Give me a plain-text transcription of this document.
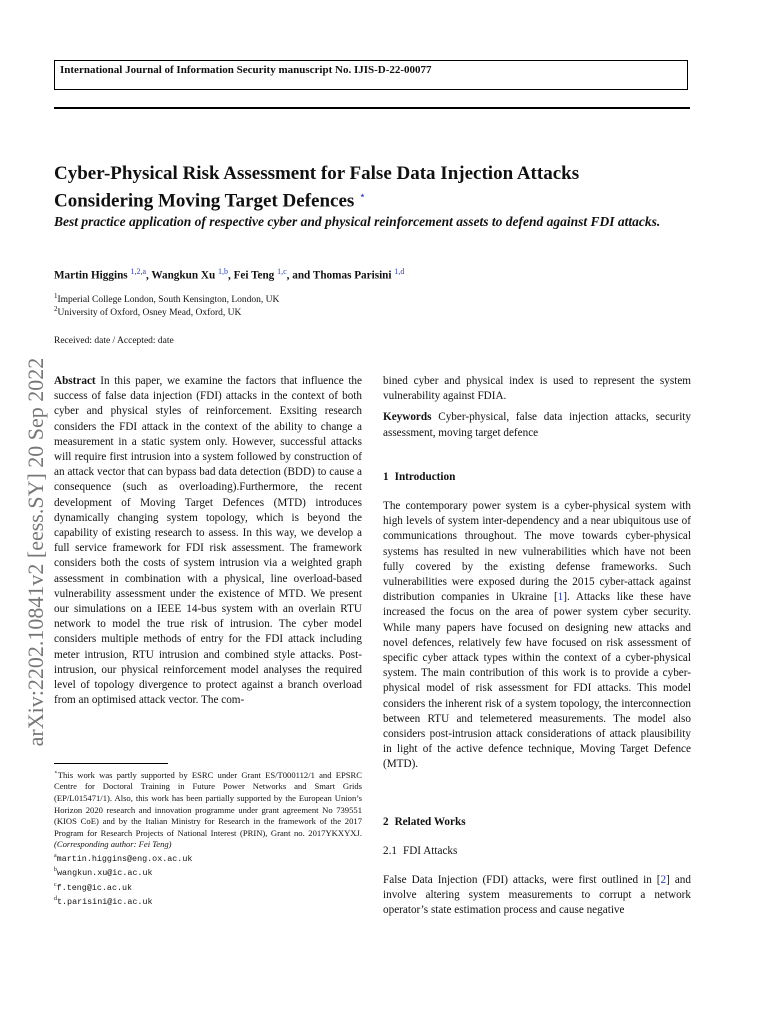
International Journal of Information Security manuscript No. IJIS-D-22-00077
arXiv:2202.10841v2 [eess.SY] 20 Sep 2022
Cyber-Physical Risk Assessment for False Data Injection Attacks
Considering Moving Target Defences ⋆
Best practice application of respective cyber and physical reinforcement assets to defend against FDI attacks.
Martin Higgins $^{1,2,a}$, Wangkun Xu $^{1,b}$, Fei Teng $^{1,c}$, and Thomas Parisini $^{1,d}$
$^1$Imperial College London, South Kensington, London, UK
$^2$University of Oxford, Osney Mead, Oxford, UK
Received: date / Accepted: date
Abstract In this paper, we examine the factors that influence the success of false data injection (FDI) attacks in the context of both cyber and physical styles of reinforcement. Exsiting research considers the FDI attack in the context of the ability to change a measurement in a static system only. However, successful attacks will require first intrusion into a system followed by construction of an attack vector that can bypass bad data detection (BDD) to cause a consequence (such as overloading).Furthermore, the recent development of Moving Target Defences (MTD) introduces dynamically changing system topology, which is beyond the capability of existing research to assess. In this way, we develop a full service framework for FDI risk assessment. The framework considers both the costs of system intrusion via a weighted graph assessment in combination with a physical, line overload-based vulnerability assessment under the existence of MTD. We present our simulations on a IEEE 14-bus system with an overlain RTU network to model the true risk of intrusion. The cyber model considers multiple methods of entry for the FDI attack including meter intrusion, RTU intrusion and combined style attacks. Post-intrusion, our physical reinforcement model analyses the required level of topology divergence to protect against a branch overload from an optimised attack vector. The com-
bined cyber and physical index is used to represent the system vulnerability against FDIA.
Keywords Cyber-physical, false data injection attacks, security assessment, moving target defence
1 Introduction
The contemporary power system is a cyber-physical system with high levels of system inter-dependency and a near ubiquitous use of communications throughout. The move towards cyber-physical systems has resulted in new vulnerabilities which have not been fully covered by the existing defense frameworks. Such vulnerabilities were exposed during the 2015 cyber-attack against distribution companies in Ukraine [1]. Attacks like these have increased the focus on the area of power system cyber security. While many papers have focused on designing new attacks and novel defences, relatively few have focused on risk assessment of specific cyber attack types within the context of a cyber-physical system. The main contribution of this work is to provide a cyber-physical model of risk assessment for FDI attacks. This model considers the inherent risk of a system topology, the interconnection between RTU and telemetered measurements. The model also considers post-intrusion attack considerations of attack plausibility in light of the active defence technique, Moving Target Defence (MTD).
2 Related Works
2.1 FDI Attacks
False Data Injection (FDI) attacks, were first outlined in [2] and involve altering system measurements to corrupt a network operator’s state estimation process and cause negative
⋆This work was partly supported by ESRC under Grant ES/T000112/1 and EPSRC Centre for Doctoral Training in Future Power Networks and Smart Grids (EP/L015471/1). Also, this work has been partially supported by the European Union’s Horizon 2020 research and innovation programme under grant agreement No 739551 (KIOS CoE) and by the Italian Ministry for Research in the framework of the 2017 Program for Research Projects of National Interest (PRIN), Grant no. 2017YKXYXJ. (Corresponding author: Fei Teng)
$^a$martin.higgins@eng.ox.ac.uk
$^b$wangkun.xu@ic.ac.uk
$^c$f.teng@ic.ac.uk
$^d$t.parisini@ic.ac.uk
